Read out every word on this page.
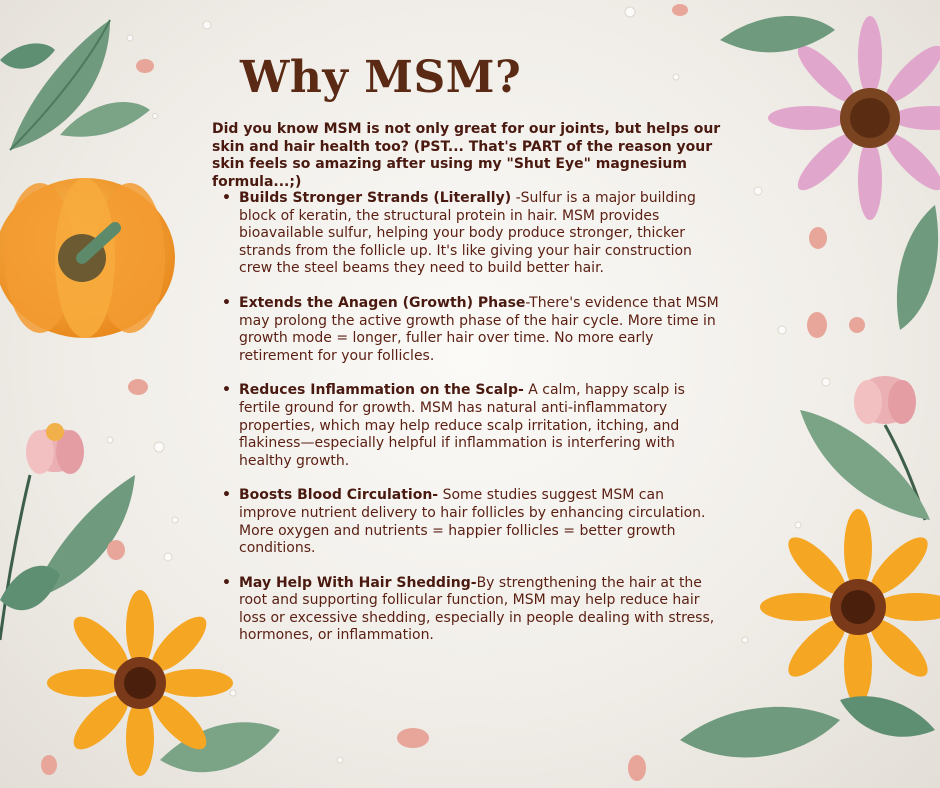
Why MSM?

Did you know MSM is not only great for our joints, but helps our skin and hair health too? (PST... That's PART of the reason your skin feels so amazing after using my "Shut Eye" magnesium formula...;)

• Builds Stronger Strands (Literally) -Sulfur is a major building block of keratin, the structural protein in hair. MSM provides bioavailable sulfur, helping your body produce stronger, thicker strands from the follicle up. It's like giving your hair construction crew the steel beams they need to build better hair.
• Extends the Anagen (Growth) Phase-There's evidence that MSM may prolong the active growth phase of the hair cycle. More time in growth mode = longer, fuller hair over time. No more early retirement for your follicles.
• Reduces Inflammation on the Scalp- A calm, happy scalp is fertile ground for growth. MSM has natural anti-inflammatory properties, which may help reduce scalp irritation, itching, and flakiness—especially helpful if inflammation is interfering with healthy growth.
• Boosts Blood Circulation- Some studies suggest MSM can improve nutrient delivery to hair follicles by enhancing circulation. More oxygen and nutrients = happier follicles = better growth conditions.
• May Help With Hair Shedding-By strengthening the hair at the root and supporting follicular function, MSM may help reduce hair loss or excessive shedding, especially in people dealing with stress, hormones, or inflammation.
